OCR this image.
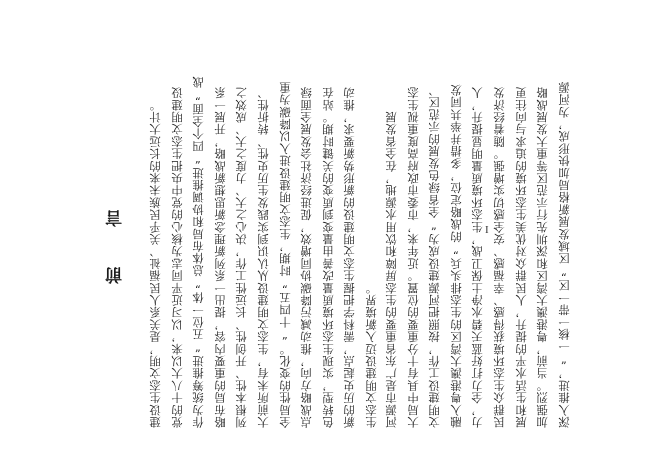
I
建设生态文明，是关系人民福祉、关乎民族未来的长远大计。 党的十八大以来，以习近平同志为核心的党中央把生态文明建设 作为统筹推进“五位一体”总体布局和协调推进“四个全面”战 略布局的重要内容，提出一系列新理念新思想新战略，开展一系 列根本性、开创性、长远性工作，决心之大、力度之大、成效之 大前所未有，生态文明建设从认识到实践发生历史性、转折性、 全局性的变化。“十四五”时期，生态文明建设进入以降碳为重 点战略方向，推动减污降碳协同增效，促进经济社会发展全面绿 色转型，实现生态环境质量改善由量变到质变的关键时期。站在 新的历史起点，需科学把握生态文明建设的新形势新要求，推动 生态文明建设迈入新境界。 河源市是广东省重要的生态屏障和饮用水源地，在全省发展 大局中具有十分重要的位置。近年来，市委市政府高度重视生态 文明建设工作，按照把河源建设成为“全省绿色发展的示范区、 融入粤港澳大湾区的生态排头兵”的战略定位，多措并举共同发 力，全力打好蓝天碧水净土保卫战，生态环境质量明显提升，人 民群众生态环境获得感、幸福感、安全感切实增强。随着经济发 展和生活水平的提升，人民群众对优美生态环境的追求与向往更 加强烈。当前，粤港澳大湾区和深圳先行示范区等重大发展战略 深入推进，“一核一带一区”区域发展新格局加快形成，为河源
前 言
